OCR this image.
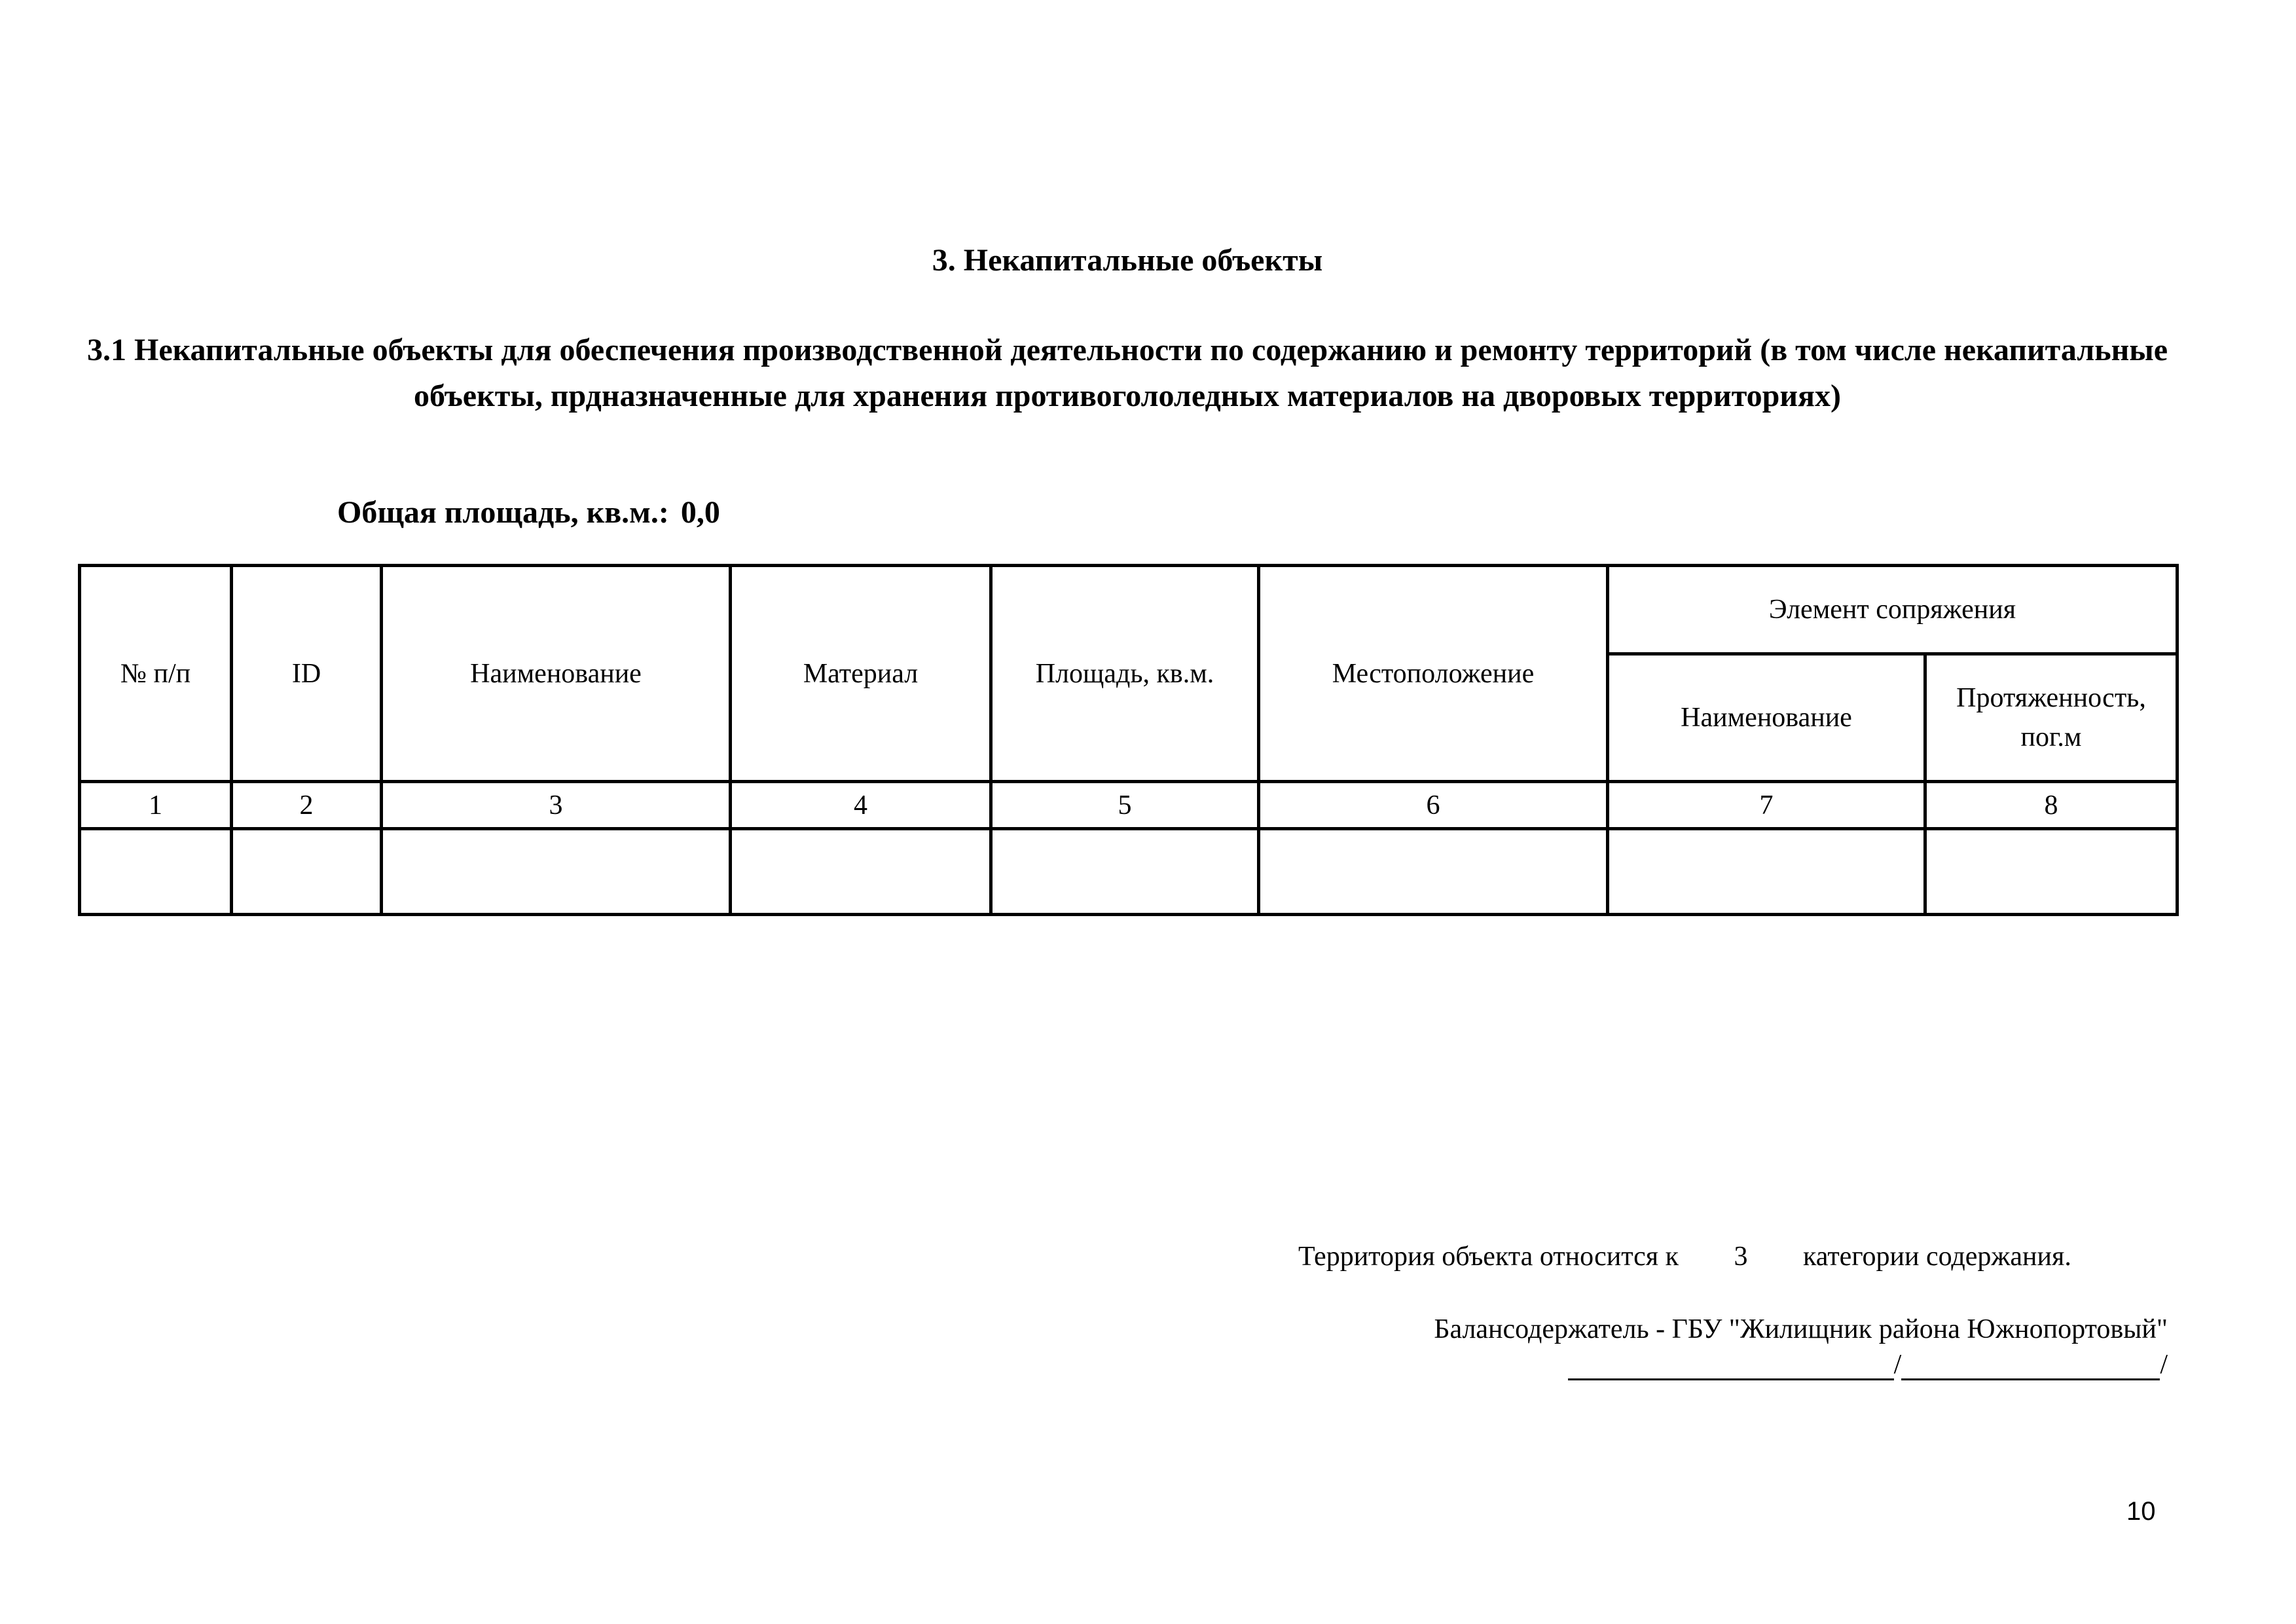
3. Некапитальные объекты
3.1 Некапитальные объекты для обеспечения производственной деятельности по содержанию и ремонту территорий (в том числе некапитальные объекты, прдназначенные для хранения противогололедных материалов на дворовых территориях)
Общая площадь, кв.м.: 0,0
№ п/п	ID	Наименование	Материал	Площадь, кв.м.	Местоположение	Элемент сопряжения	
						Наименование	Протяженность, пог.м
1	2	3	4	5	6	7	8

Территория объекта относится к 3 категории содержания.
Балансодержатель - ГБУ "Жилищник района Южнопортовый"
/	/
10
